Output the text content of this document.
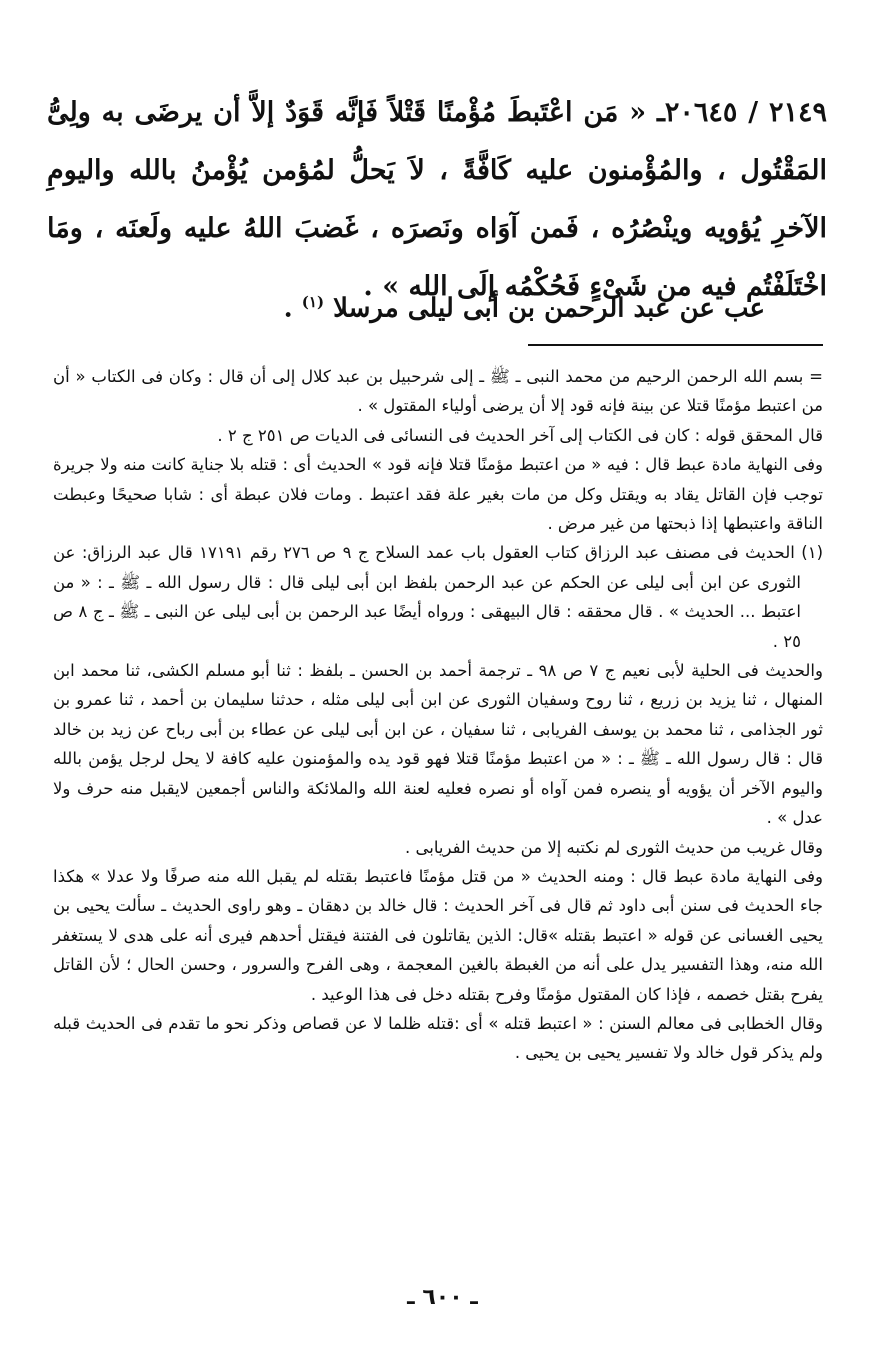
٢١٤٩ / ٢٠٦٤٥ـ « مَن اعْتَبطَ مُؤْمنًا قَتْلاً فَإنَّه قَوَدٌ إلاَّ أن يرضَى به ولِىُّ المَقْتُول ، والمُؤْمنون عليه كَافَّةً ، لاَ يَحلُّ لمُؤمن يُؤْمنُ بالله واليومِ الآخرِ يُؤويه وينْصُرُه ، فَمن آوَاه ونَصرَه ، غَضبَ اللهُ عليه ولَعنَه ، ومَا اخْتَلَفْتُم فيه من شَىْءٍ فَحُكْمُه إلَى الله » .

عب عن عبد الرحمن بن أبى ليلى مرسلا $^{(١)}$ .

= بسم الله الرحمن الرحيم من محمد النبى ـ ﷺ ـ إلى شرحبيل بن عبد كلال إلى أن قال : وكان فى الكتاب « أن من اعتبط مؤمنًا قتلا عن بينة فإنه قود إلا أن يرضى أولياء المقتول » .

قال المحقق قوله : كان فى الكتاب إلى آخر الحديث فى النسائى فى الديات ص ٢٥١ ج ٢ .

وفى النهاية مادة عبط قال : فيه « من اعتبط مؤمنًا قتلا فإنه قود » الحديث أى : قتله بلا جناية كانت منه ولا جريرة توجب فإن القاتل يقاد به ويقتل وكل من مات بغير علة فقد اعتبط . ومات فلان عبطة أى : شابا صحيحًا وعبطت الناقة واعتبطها إذا ذبحتها من غير مرض .

(١) الحديث فى مصنف عبد الرزاق كتاب العقول باب عمد السلاح ج ٩ ص ٢٧٦ رقم ١٧١٩١ قال عبد الرزاق: عن الثورى عن ابن أبى ليلى عن الحكم عن عبد الرحمن بلفظ ابن أبى ليلى قال : قال رسول الله ـ ﷺ ـ : « من اعتبط ... الحديث » . قال محققه : قال البيهقى : ورواه أيضًا عبد الرحمن بن أبى ليلى عن النبى ـ ﷺ ـ ج ٨ ص ٢٥ .

والحديث فى الحلية لأبى نعيم ج ٧ ص ٩٨ ـ ترجمة أحمد بن الحسن ـ بلفظ : ثنا أبو مسلم الكشى، ثنا محمد ابن المنهال ، ثنا يزيد بن زريع ، ثنا روح وسفيان الثورى عن ابن أبى ليلى مثله ، حدثنا سليمان بن أحمد ، ثنا عمرو بن ثور الجذامى ، ثنا محمد بن يوسف الفريابى ، ثنا سفيان ، عن ابن أبى ليلى عن عطاء بن أبى رباح عن زيد بن خالد قال : قال رسول الله ـ ﷺ ـ : « من اعتبط مؤمنًا قتلا فهو قود يده والمؤمنون عليه كافة لا يحل لرجل يؤمن بالله واليوم الآخر أن يؤويه أو ينصره فمن آواه أو نصره فعليه لعنة الله والملائكة والناس أجمعين لايقبل منه حرف ولا عدل » .

وقال غريب من حديث الثورى لم نكتبه إلا من حديث الفريابى .

وفى النهاية مادة عبط قال : ومنه الحديث « من قتل مؤمنًا فاعتبط بقتله لم يقبل الله منه صرفًا ولا عدلا » هكذا جاء الحديث فى سنن أبى داود ثم قال فى آخر الحديث : قال خالد بن دهقان ـ وهو راوى الحديث ـ سألت يحيى بن يحيى الغسانى عن قوله « اعتبط بقتله »قال: الذين يقاتلون فى الفتنة فيقتل أحدهم فيرى أنه على هدى لا يستغفر الله منه، وهذا التفسير يدل على أنه من الغبطة بالغين المعجمة ، وهى الفرح والسرور ، وحسن الحال ؛ لأن القاتل يفرح بقتل خصمه ، فإذا كان المقتول مؤمنًا وفرح بقتله دخل فى هذا الوعيد .

وقال الخطابى فى معالم السنن : « اعتبط قتله » أى :قتله ظلما لا عن قصاص وذكر نحو ما تقدم فى الحديث قبله ولم يذكر قول خالد ولا تفسير يحيى بن يحيى .

ـ ٦٠٠ ـ
